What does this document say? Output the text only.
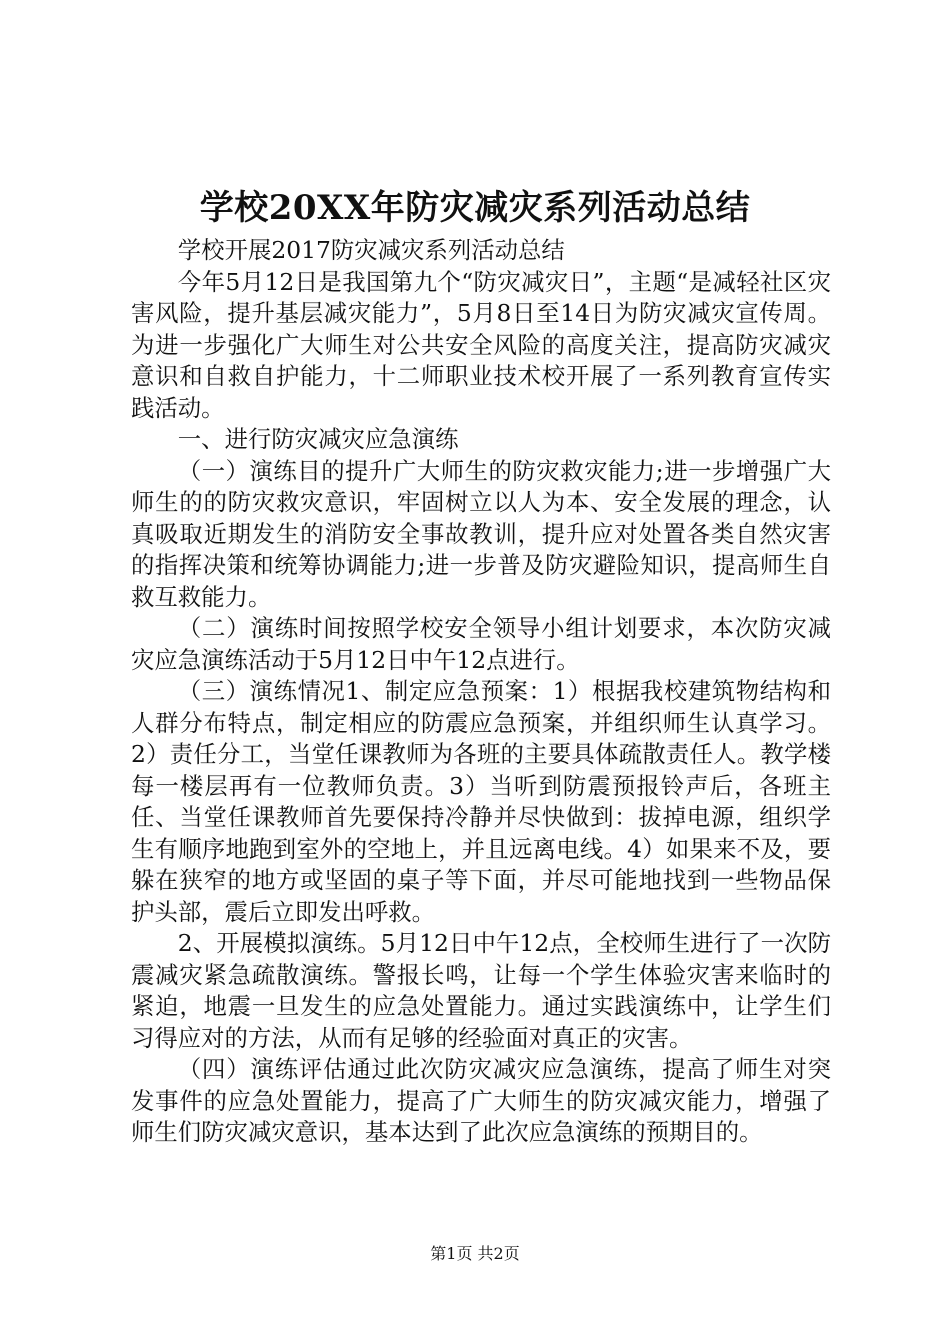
学校20XX年防灾减灾系列活动总结

学校开展2017防灾减灾系列活动总结

今年5月12日是我国第九个“防灾减灾日”，主题“是减轻社区灾害风险，提升基层减灾能力”，5月8日至14日为防灾减灾宣传周。为进一步强化广大师生对公共安全风险的高度关注，提高防灾减灾意识和自救自护能力，十二师职业技术校开展了一系列教育宣传实践活动。

一、进行防灾减灾应急演练

（一）演练目的提升广大师生的防灾救灾能力;进一步增强广大师生的的防灾救灾意识，牢固树立以人为本、安全发展的理念，认真吸取近期发生的消防安全事故教训，提升应对处置各类自然灾害的指挥决策和统筹协调能力;进一步普及防灾避险知识，提高师生自救互救能力。

（二）演练时间按照学校安全领导小组计划要求，本次防灾减灾应急演练活动于5月12日中午12点进行。

（三）演练情况1、制定应急预案：1）根据我校建筑物结构和人群分布特点，制定相应的防震应急预案，并组织师生认真学习。2）责任分工，当堂任课教师为各班的主要具体疏散责任人。教学楼每一楼层再有一位教师负责。3）当听到防震预报铃声后，各班主任、当堂任课教师首先要保持冷静并尽快做到：拔掉电源，组织学生有顺序地跑到室外的空地上，并且远离电线。4）如果来不及，要躲在狭窄的地方或坚固的桌子等下面，并尽可能地找到一些物品保护头部，震后立即发出呼救。

2、开展模拟演练。5月12日中午12点，全校师生进行了一次防震减灾紧急疏散演练。警报长鸣，让每一个学生体验灾害来临时的紧迫，地震一旦发生的应急处置能力。通过实践演练中，让学生们习得应对的方法，从而有足够的经验面对真正的灾害。

（四）演练评估通过此次防灾减灾应急演练，提高了师生对突发事件的应急处置能力，提高了广大师生的防灾减灾能力，增强了师生们防灾减灾意识，基本达到了此次应急演练的预期目的。

第1页 共2页
